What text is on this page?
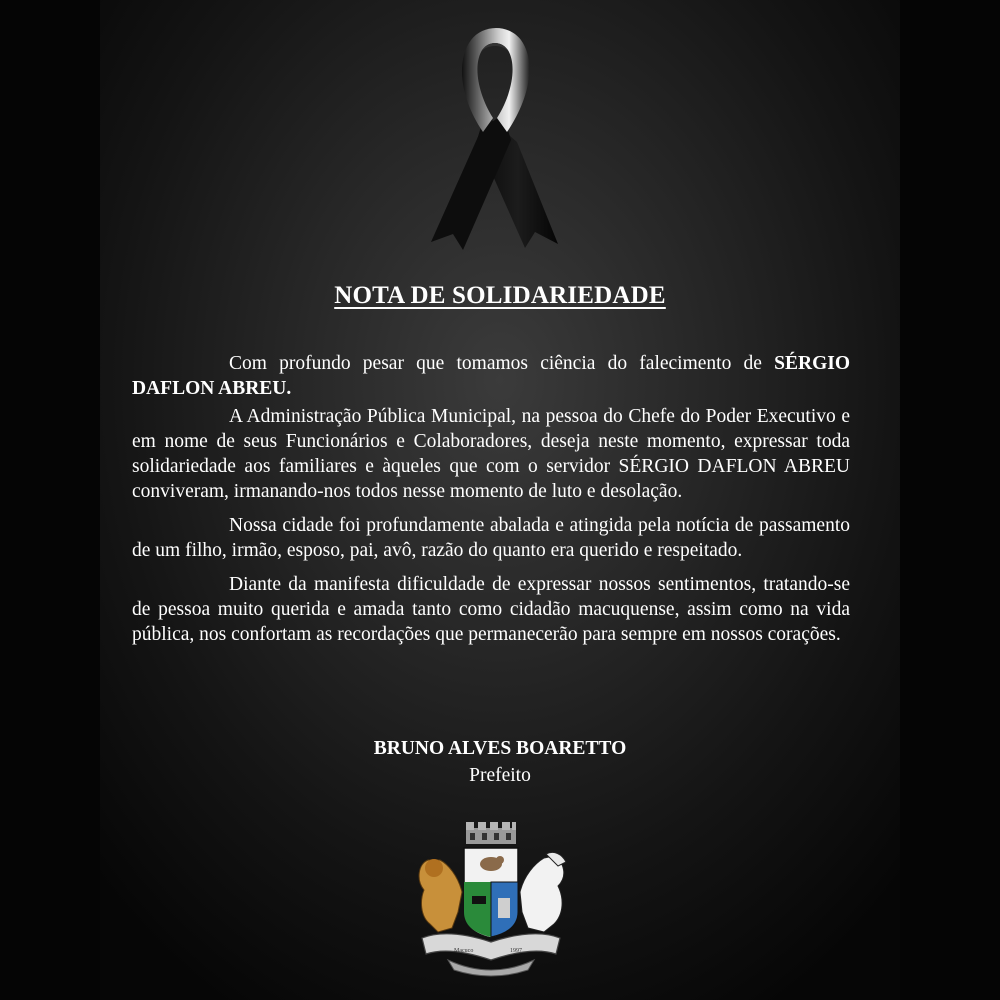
NOTA DE SOLIDARIEDADE

Com profundo pesar que tomamos ciência do falecimento de SÉRGIO DAFLON ABREU.

A Administração Pública Municipal, na pessoa do Chefe do Poder Executivo e em nome de seus Funcionários e Colaboradores, deseja neste momento, expressar toda solidariedade aos familiares e àqueles que com o servidor SÉRGIO DAFLON ABREU conviveram, irmanando-nos todos nesse momento de luto e desolação.

Nossa cidade foi profundamente abalada e atingida pela notícia de passamento de um filho, irmão, esposo, pai, avô, razão do quanto era querido e respeitado.

Diante da manifesta dificuldade de expressar nossos sentimentos, tratando-se de pessoa muito querida e amada tanto como cidadão macuquense, assim como na vida pública, nos confortam as recordações que permanecerão para sempre em nossos corações.

BRUNO ALVES BOARETTO
Prefeito
Macuco	1997
